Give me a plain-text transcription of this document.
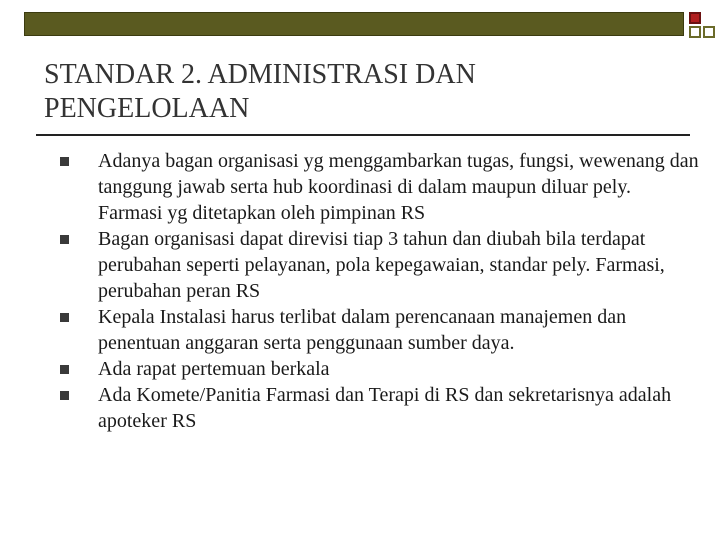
STANDAR 2. ADMINISTRASI DAN PENGELOLAAN
Adanya bagan organisasi yg menggambarkan tugas, fungsi, wewenang dan tanggung jawab serta hub koordinasi di dalam maupun diluar pely. Farmasi yg ditetapkan oleh pimpinan RS
Bagan organisasi dapat direvisi tiap 3 tahun dan diubah bila terdapat perubahan seperti pelayanan, pola kepegawaian, standar pely. Farmasi, perubahan peran RS
Kepala Instalasi harus terlibat dalam perencanaan manajemen dan penentuan anggaran serta penggunaan sumber daya.
Ada rapat pertemuan berkala
Ada Komete/Panitia Farmasi dan Terapi di RS dan sekretarisnya adalah apoteker RS
